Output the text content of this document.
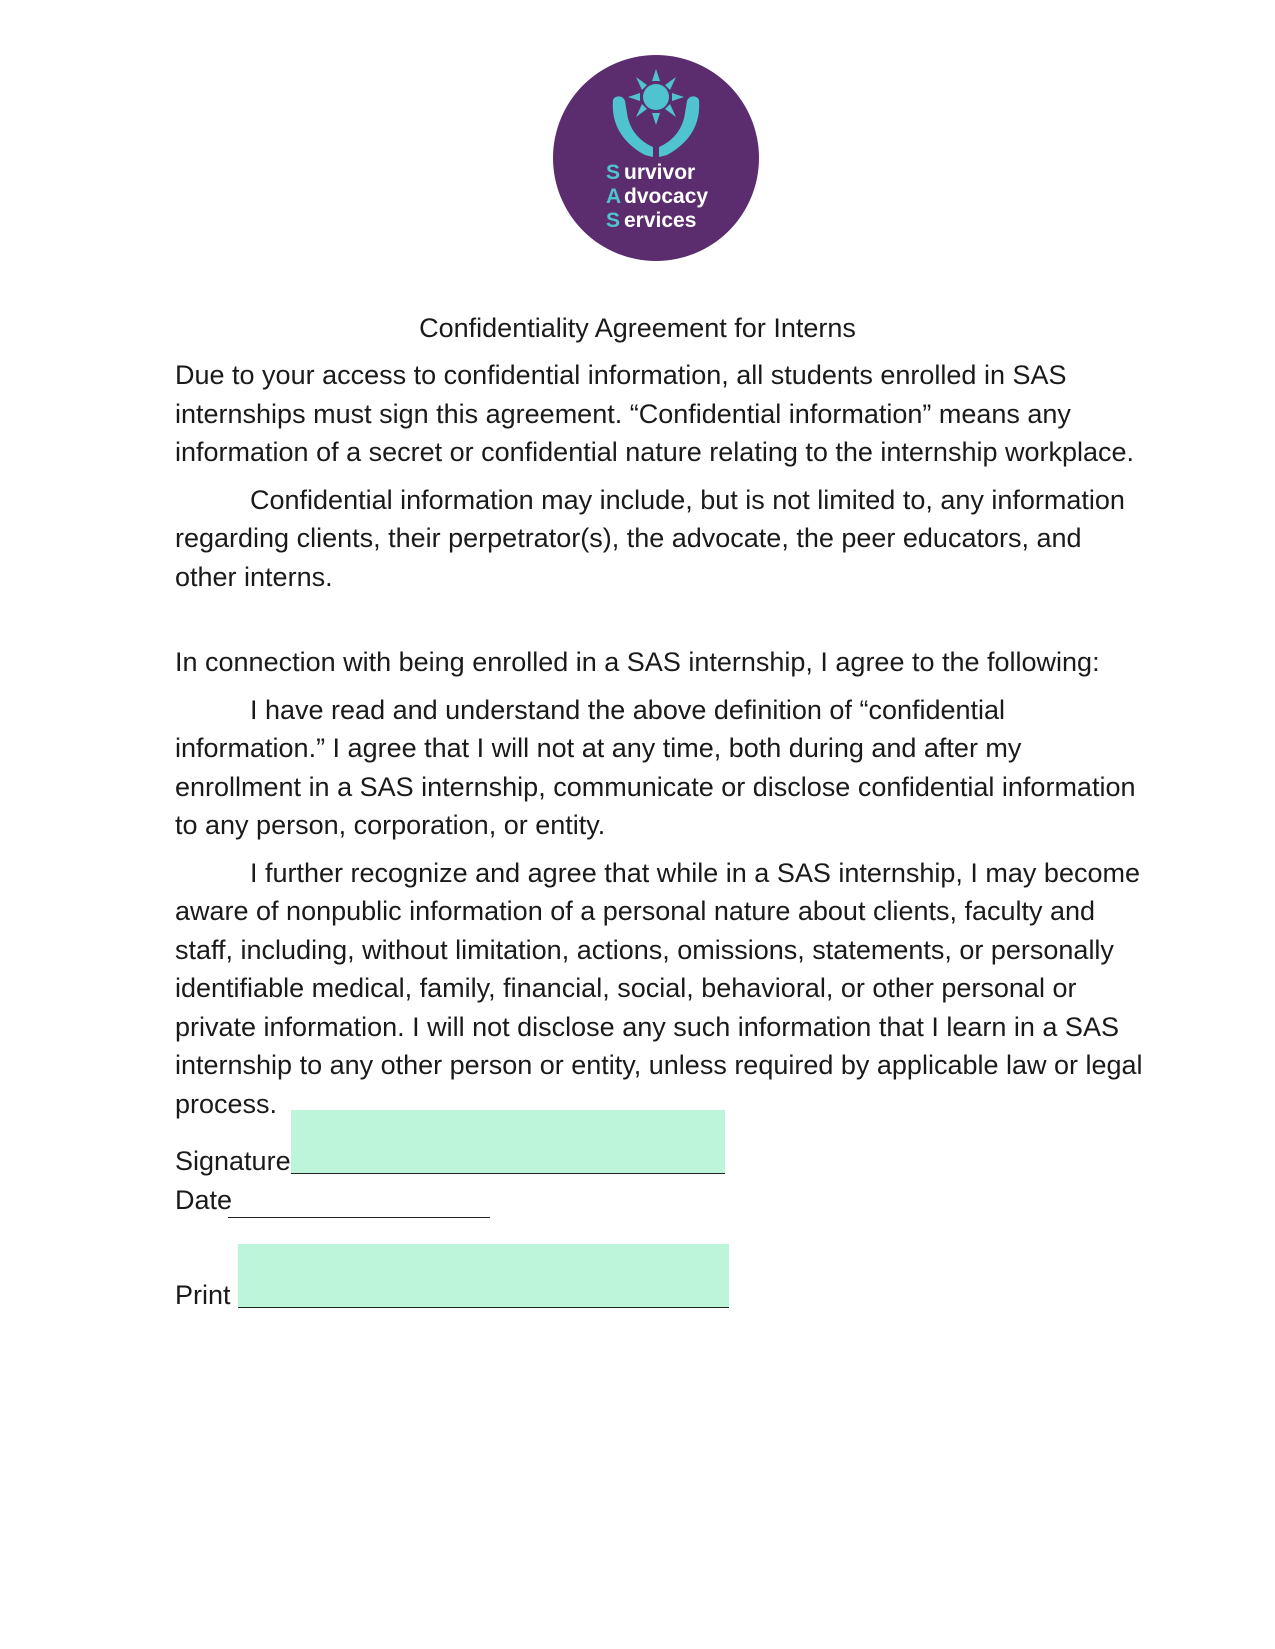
S
A
S
urvivor
dvocacy
ervices
Confidentiality Agreement for Interns

Due to your access to confidential information, all students enrolled in SAS internships must sign this agreement. “Confidential information” means any information of a secret or confidential nature relating to the internship workplace.

Confidential information may include, but is not limited to, any information regarding clients, their perpetrator(s), the advocate, the peer educators, and other interns.

In connection with being enrolled in a SAS internship, I agree to the following:

I have read and understand the above definition of “confidential information.” I agree that I will not at any time, both during and after my enrollment in a SAS internship, communicate or disclose confidential information to any person, corporation, or entity.

I further recognize and agree that while in a SAS internship, I may become aware of nonpublic information of a personal nature about clients, faculty and staff, including, without limitation, actions, omissions, statements, or personally identifiable medical, family, financial, social, behavioral, or other personal or private information. I will not disclose any such information that I learn in a SAS internship to any other person or entity, unless required by applicable law or legal process.

Signature
Date
Print
